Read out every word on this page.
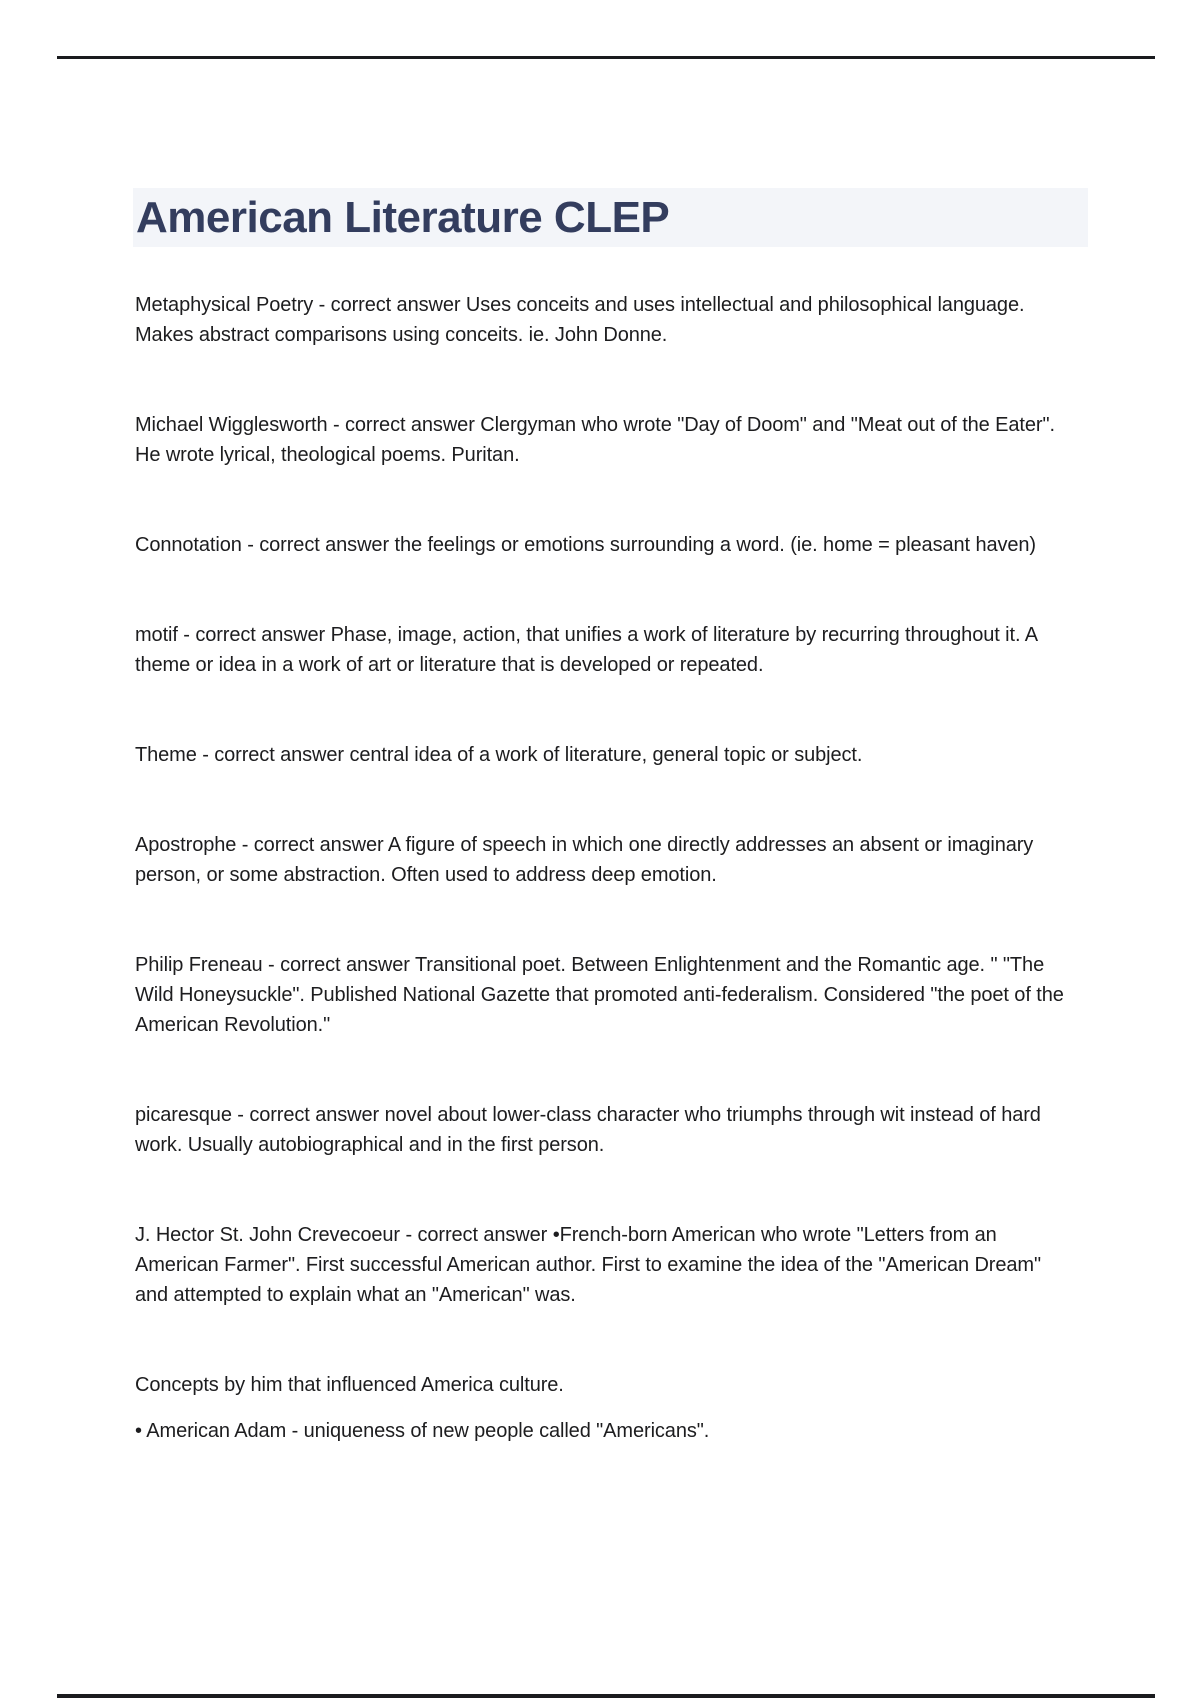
American Literature CLEP

Metaphysical Poetry - correct answer Uses conceits and uses intellectual and philosophical language. Makes abstract comparisons using conceits. ie. John Donne.

Michael Wigglesworth - correct answer Clergyman who wrote "Day of Doom" and "Meat out of the Eater". He wrote lyrical, theological poems. Puritan.

Connotation - correct answer the feelings or emotions surrounding a word. (ie. home = pleasant haven)

motif - correct answer Phase, image, action, that unifies a work of literature by recurring throughout it. A theme or idea in a work of art or literature that is developed or repeated.

Theme - correct answer central idea of a work of literature, general topic or subject.

Apostrophe - correct answer A figure of speech in which one directly addresses an absent or imaginary person, or some abstraction. Often used to address deep emotion.

Philip Freneau - correct answer Transitional poet. Between Enlightenment and the Romantic age. " "The Wild Honeysuckle". Published National Gazette that promoted anti-federalism. Considered "the poet of the American Revolution."

picaresque - correct answer novel about lower-class character who triumphs through wit instead of hard work. Usually autobiographical and in the first person.

J. Hector St. John Crevecoeur - correct answer •French-born American who wrote "Letters from an American Farmer". First successful American author. First to examine the idea of the "American Dream" and attempted to explain what an "American" was.

Concepts by him that influenced America culture.

• American Adam - uniqueness of new people called "Americans".
